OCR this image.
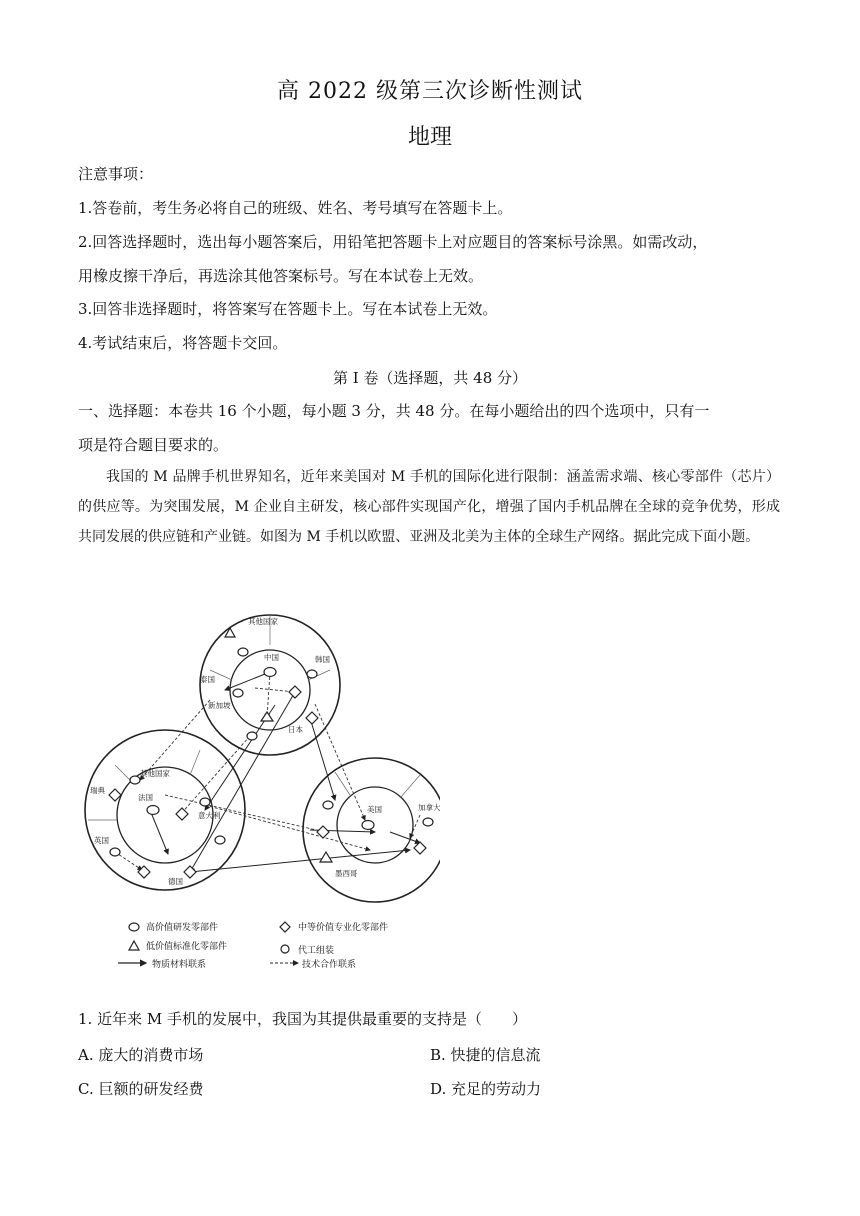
高 2022 级第三次诊断性测试
地理
注意事项：
1.答卷前，考生务必将自己的班级、姓名、考号填写在答题卡上。
2.回答选择题时，选出每小题答案后，用铅笔把答题卡上对应题目的答案标号涂黑。如需改动，
用橡皮擦干净后，再选涂其他答案标号。写在本试卷上无效。
3.回答非选择题时，将答案写在答题卡上。写在本试卷上无效。
4.考试结束后，将答题卡交回。
第 I 卷（选择题，共 48 分）
一、选择题：本卷共 16 个小题，每小题 3 分，共 48 分。在每小题给出的四个选项中，只有一
项是符合题目要求的。
我国的 M 品牌手机世界知名，近年来美国对 M 手机的国际化进行限制：涵盖需求端、核心零部件（芯片）的供应等。为突围发展，M 企业自主研发，核心部件实现国产化，增强了国内手机品牌在全球的竞争优势，形成共同发展的供应链和产业链。如图为 M 手机以欧盟、亚洲及北美为主体的全球生产网络。据此完成下面小题。
其他国家
中国	韩国
泰国
新加坡
日本
其他国家
法国
瑞典
意大利
英国
德国
美国	加拿大
墨西哥
高价值研发零部件	中等价值专业化零部件
低价值标准化零部件	代工组装
物质材料联系	技术合作联系
1. 近年来 M 手机的发展中，我国为其提供最重要的支持是（　　）
A. 庞大的消费市场	B. 快捷的信息流
C. 巨额的研发经费	D. 充足的劳动力
